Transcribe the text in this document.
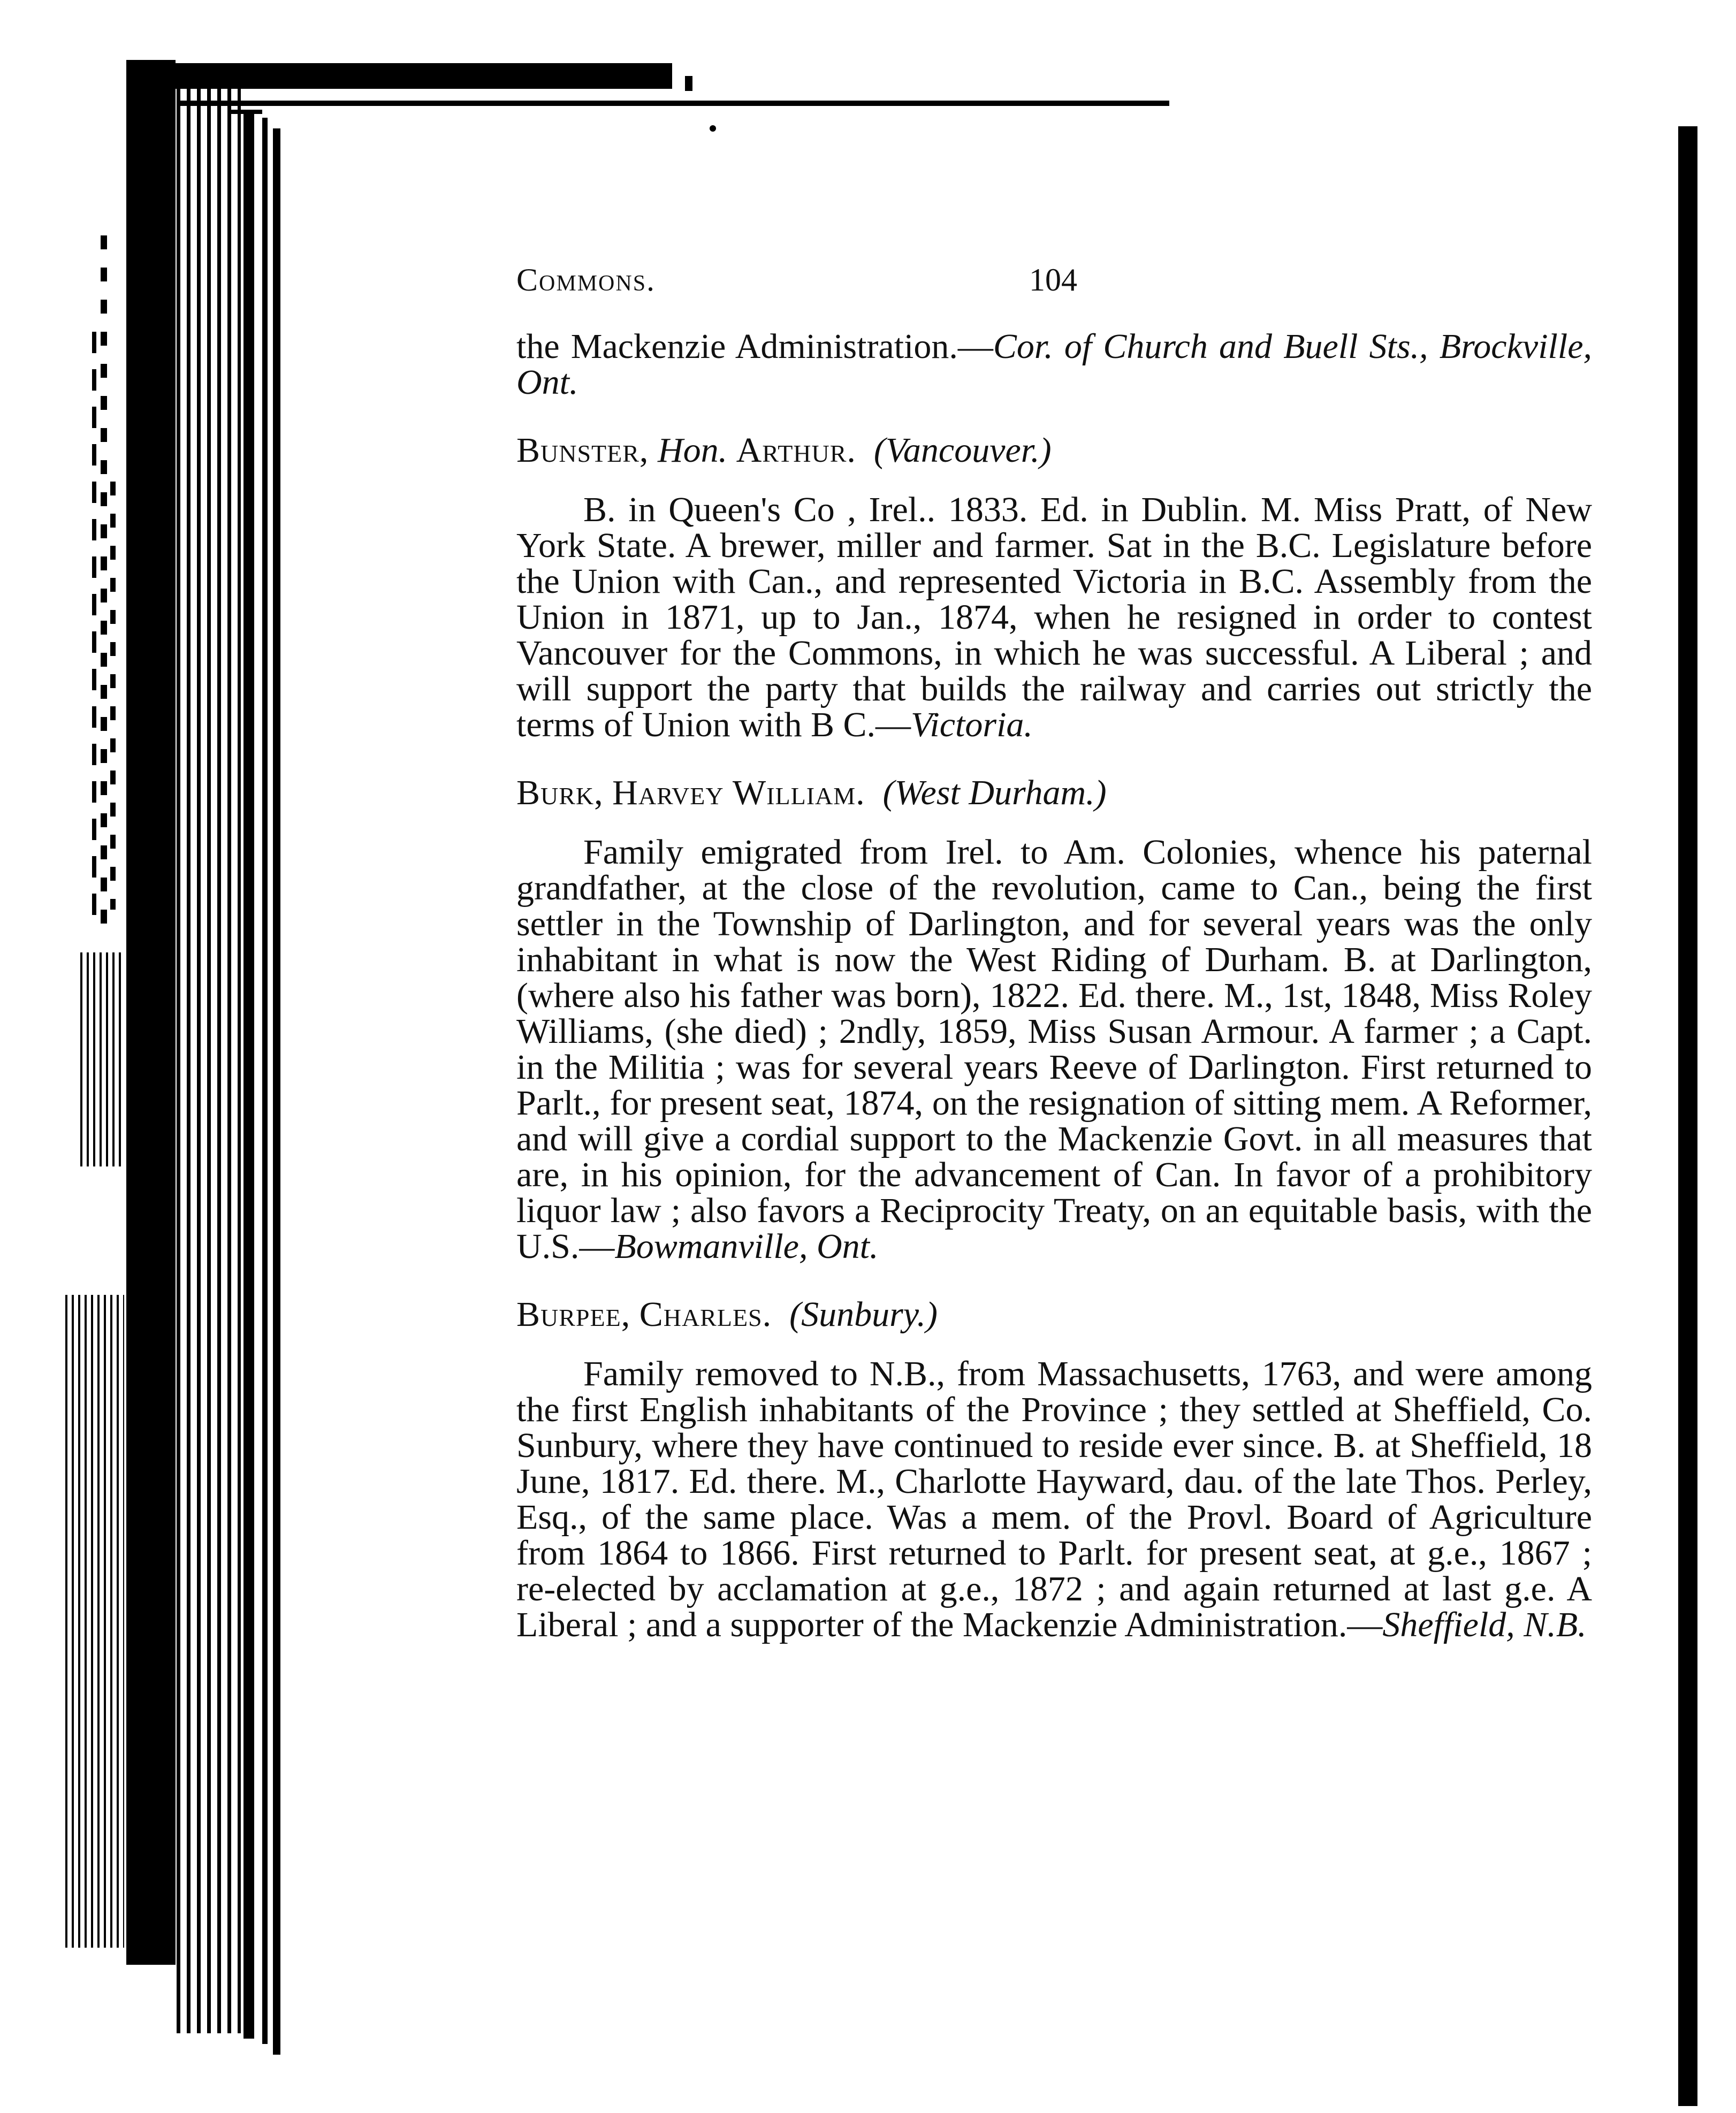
Commons.	104

the Mackenzie Administration.—Cor. of Church and Buell Sts., Brockville, Ont.

Bunster, Hon. Arthur. (Vancouver.)

B. in Queen's Co , Irel.. 1833. Ed. in Dublin. M. Miss Pratt, of New York State. A brewer, miller and farmer. Sat in the B.C. Legislature before the Union with Can., and represented Victoria in B.C. Assembly from the Union in 1871, up to Jan., 1874, when he resigned in order to contest Vancouver for the Commons, in which he was successful. A Liberal ; and will support the party that builds the railway and carries out strictly the terms of Union with B C.—Victoria.

Burk, Harvey William. (West Durham.)

Family emigrated from Irel. to Am. Colonies, whence his paternal grandfather, at the close of the revolution, came to Can., being the first settler in the Township of Darlington, and for several years was the only inhabitant in what is now the West Riding of Durham. B. at Darlington, (where also his father was born), 1822. Ed. there. M., 1st, 1848, Miss Roley Williams, (she died) ; 2ndly, 1859, Miss Susan Armour. A farmer ; a Capt. in the Militia ; was for several years Reeve of Darlington. First returned to Parlt., for present seat, 1874, on the resignation of sitting mem. A Reformer, and will give a cordial support to the Mackenzie Govt. in all measures that are, in his opinion, for the advancement of Can. In favor of a prohibitory liquor law ; also favors a Reciprocity Treaty, on an equitable basis, with the U.S.—Bowmanville, Ont.

Burpee, Charles. (Sunbury.)

Family removed to N.B., from Massachusetts, 1763, and were among the first English inhabitants of the Province ; they settled at Sheffield, Co. Sunbury, where they have continued to reside ever since. B. at Sheffield, 18 June, 1817. Ed. there. M., Charlotte Hayward, dau. of the late Thos. Perley, Esq., of the same place. Was a mem. of the Provl. Board of Agriculture from 1864 to 1866. First returned to Parlt. for present seat, at g.e., 1867 ; re-elected by acclamation at g.e., 1872 ; and again returned at last g.e. A Liberal ; and a supporter of the Mackenzie Administration.—Sheffield, N.B.
